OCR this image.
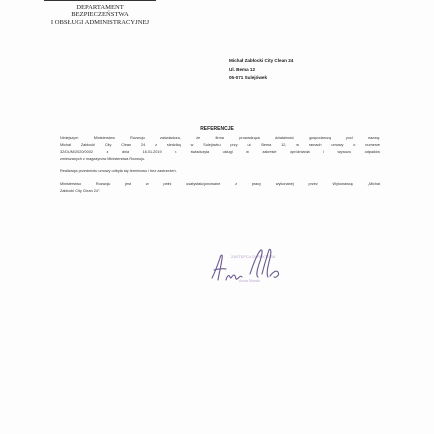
DEPARTAMENT
BEZPIECZEŃSTWA
I OBSŁUGI ADMINISTRACYJNEJ
Michał Zabłocki City Clean 24
Ul. Bema 12
05-071 Sulejówek
REFERENCJE
Niniejszym Ministerstwo Rozwoju zaświadcza, że firma prowadząca działalność gospodarczą pod nazwą:
Michał Zabłocki City Clean 24 z siedzibą w Sulejówku przy ul. Bema 12, w ramach umowy o numerze
32/DUM/2020/0002 z dnia 16.01.2019 r. świadczyła usługi w zakresie opróżniania i wywozu odpadów
zmieszanych z magazynów Ministerstwa Rozwoju.
Realizacja przedmiotu umowy odbyła się terminowo i bez zastrzeżeń.
Ministerstwo Rozwoju jest w pełni usatysfakcjonowane z pracy wykonanej przez Wykonawcę „Michał
Zabłocki City Clean 24".
ZASTĘPCA DYREKTORA
Anna Słowik
